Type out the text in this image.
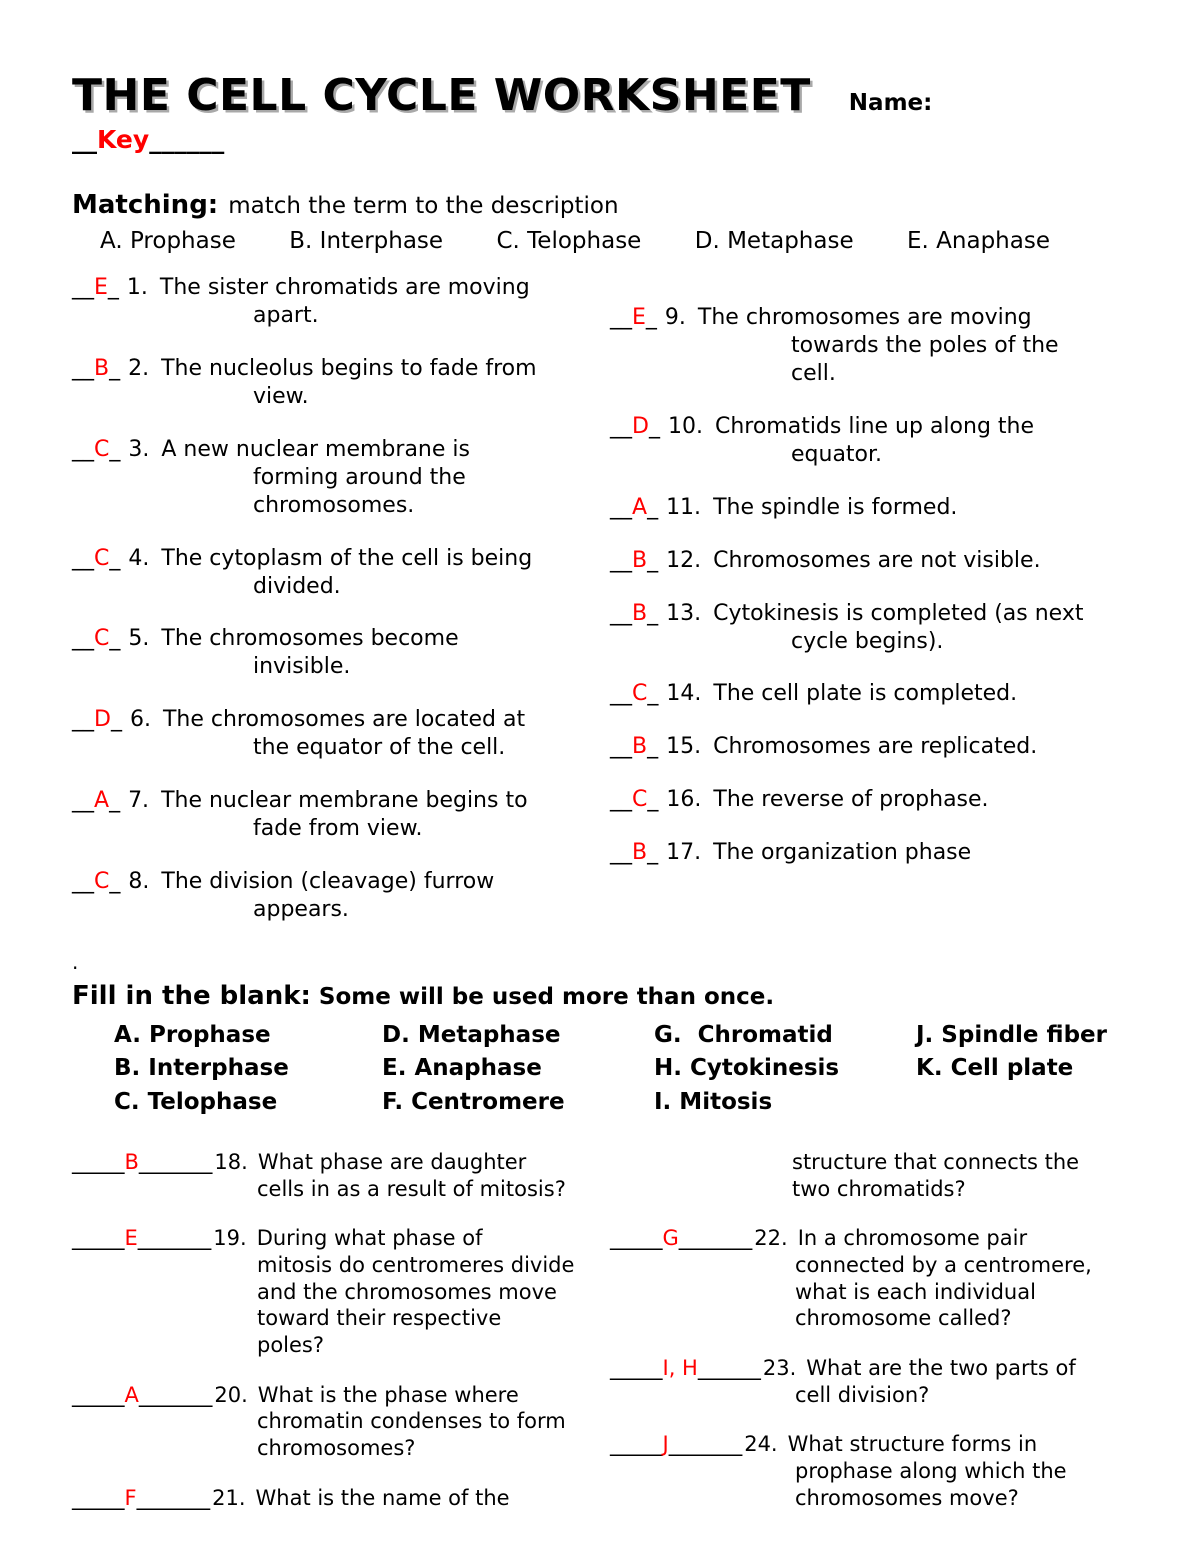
THE CELL CYCLE WORKSHEET Name:
__Key______
Matching: match the term to the description
A. Prophase B. Interphase C. Telophase D. Metaphase E. Anaphase
__E_ 1. The sister chromatids are moving
apart.
__B_ 2. The nucleolus begins to fade from
view.
__C_ 3. A new nuclear membrane is
forming around the chromosomes.
__C_ 4. The cytoplasm of the cell is being
divided.
__C_ 5. The chromosomes become
invisible.
__D_ 6. The chromosomes are located at
the equator of the cell.
__A_ 7. The nuclear membrane begins to
fade from view.
__C_ 8. The division (cleavage) furrow
appears.
__E_ 9. The chromosomes are moving
towards the poles of the
cell.
__D_ 10. Chromatids line up along the
equator.
__A_ 11. The spindle is formed.
__B_ 12. Chromosomes are not visible.
__B_ 13. Cytokinesis is completed (as next
cycle begins).
__C_ 14. The cell plate is completed.
__B_ 15. Chromosomes are replicated.
__C_ 16. The reverse of prophase.
__B_ 17. The organization phase
.
Fill in the blank: Some will be used more than once.
A. Prophase	D. Metaphase	G.  Chromatid	J. Spindle fiber
B. Interphase	E. Anaphase	H. Cytokinesis	K. Cell plate
C. Telophase	F. Centromere	I. Mitosis
_____B_______18. What phase are daughter
cells in as a result of mitosis?
_____E_______19. During what phase of
mitosis do centromeres divide
and the chromosomes move
toward their respective
poles?
_____A_______20. What is the phase where
chromatin condenses to form
chromosomes?
_____F_______21. What is the name of the
structure that connects the
two chromatids?
_____G_______22. In a chromosome pair
connected by a centromere,
what is each individual
chromosome called?
_____I, H______23. What are the two parts of
cell division?
_____J_______24. What structure forms in
prophase along which the
chromosomes move?
